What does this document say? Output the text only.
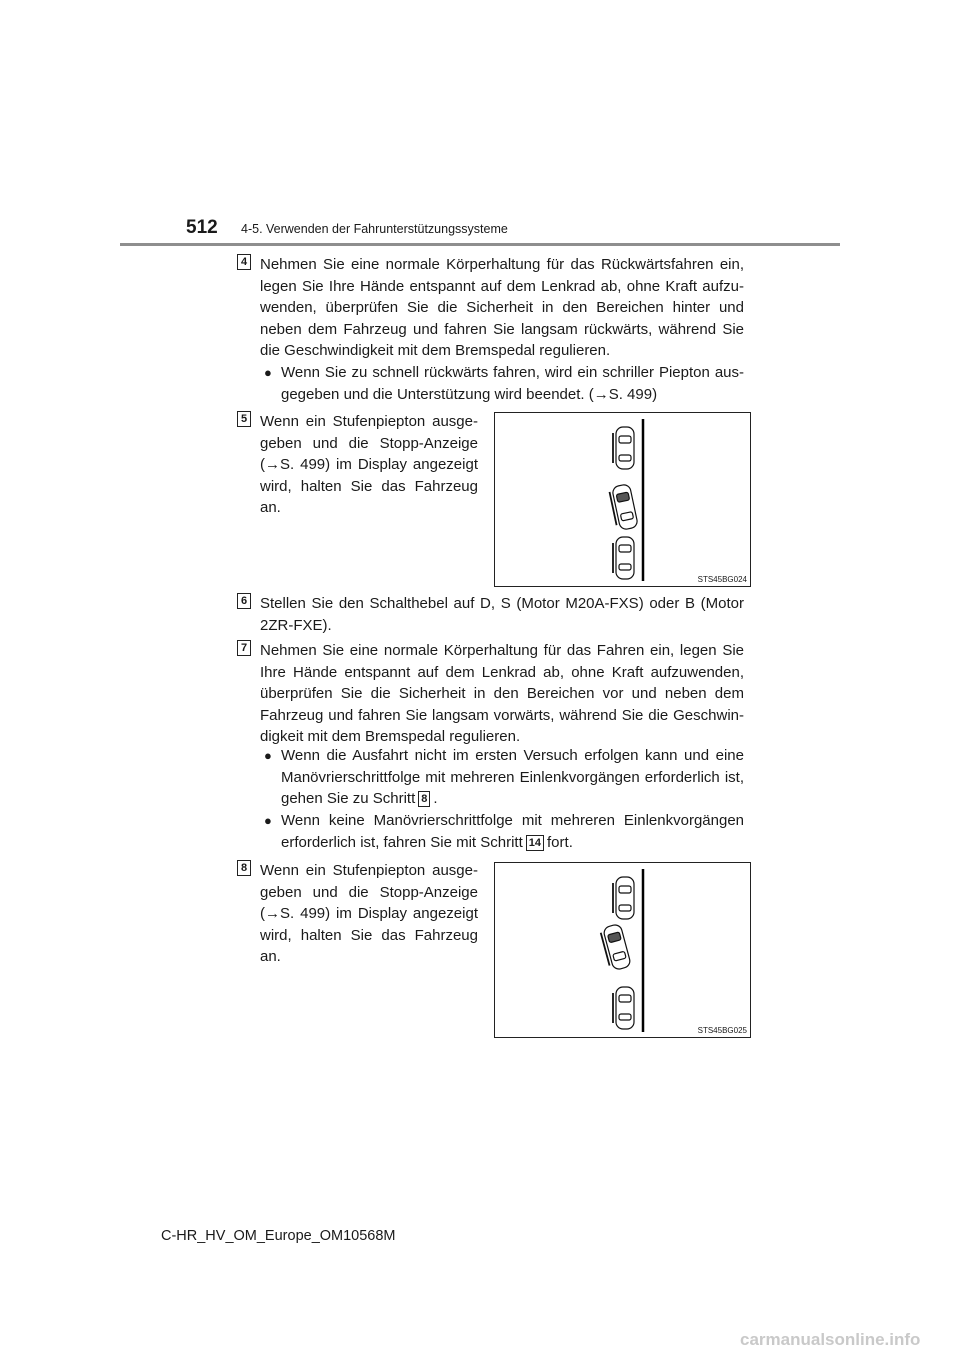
512 4-5. Verwenden der Fahrunterstützungssysteme
4 Nehmen Sie eine normale Körperhaltung für das Rückwärtsfahren ein, legen Sie Ihre Hände entspannt auf dem Lenkrad ab, ohne Kraft aufzu-wenden, überprüfen Sie die Sicherheit in den Bereichen hinter und neben dem Fahrzeug und fahren Sie langsam rückwärts, während Sie die Geschwindigkeit mit dem Bremspedal regulieren.
● Wenn Sie zu schnell rückwärts fahren, wird ein schriller Piepton aus-gegeben und die Unterstützung wird beendet. (→S. 499)
5 Wenn ein Stufenpiepton ausge-geben und die Stopp-Anzeige (→S. 499) im Display angezeigt wird, halten Sie das Fahrzeug an.
STS45BG024
6 Stellen Sie den Schalthebel auf D, S (Motor M20A-FXS) oder B (Motor 2ZR-FXE).
7 Nehmen Sie eine normale Körperhaltung für das Fahren ein, legen Sie Ihre Hände entspannt auf dem Lenkrad ab, ohne Kraft aufzuwenden, überprüfen Sie die Sicherheit in den Bereichen vor und neben dem Fahrzeug und fahren Sie langsam vorwärts, während Sie die Geschwin-digkeit mit dem Bremspedal regulieren.
● Wenn die Ausfahrt nicht im ersten Versuch erfolgen kann und eine Manövrierschrittfolge mit mehreren Einlenkvorgängen erforderlich ist, gehen Sie zu Schritt 8 .
● Wenn keine Manövrierschrittfolge mit mehreren Einlenkvorgängen erforderlich ist, fahren Sie mit Schritt 14 fort.
8 Wenn ein Stufenpiepton ausge-geben und die Stopp-Anzeige (→S. 499) im Display angezeigt wird, halten Sie das Fahrzeug an.
STS45BG025
C-HR_HV_OM_Europe_OM10568M
carmanualsonline.info
